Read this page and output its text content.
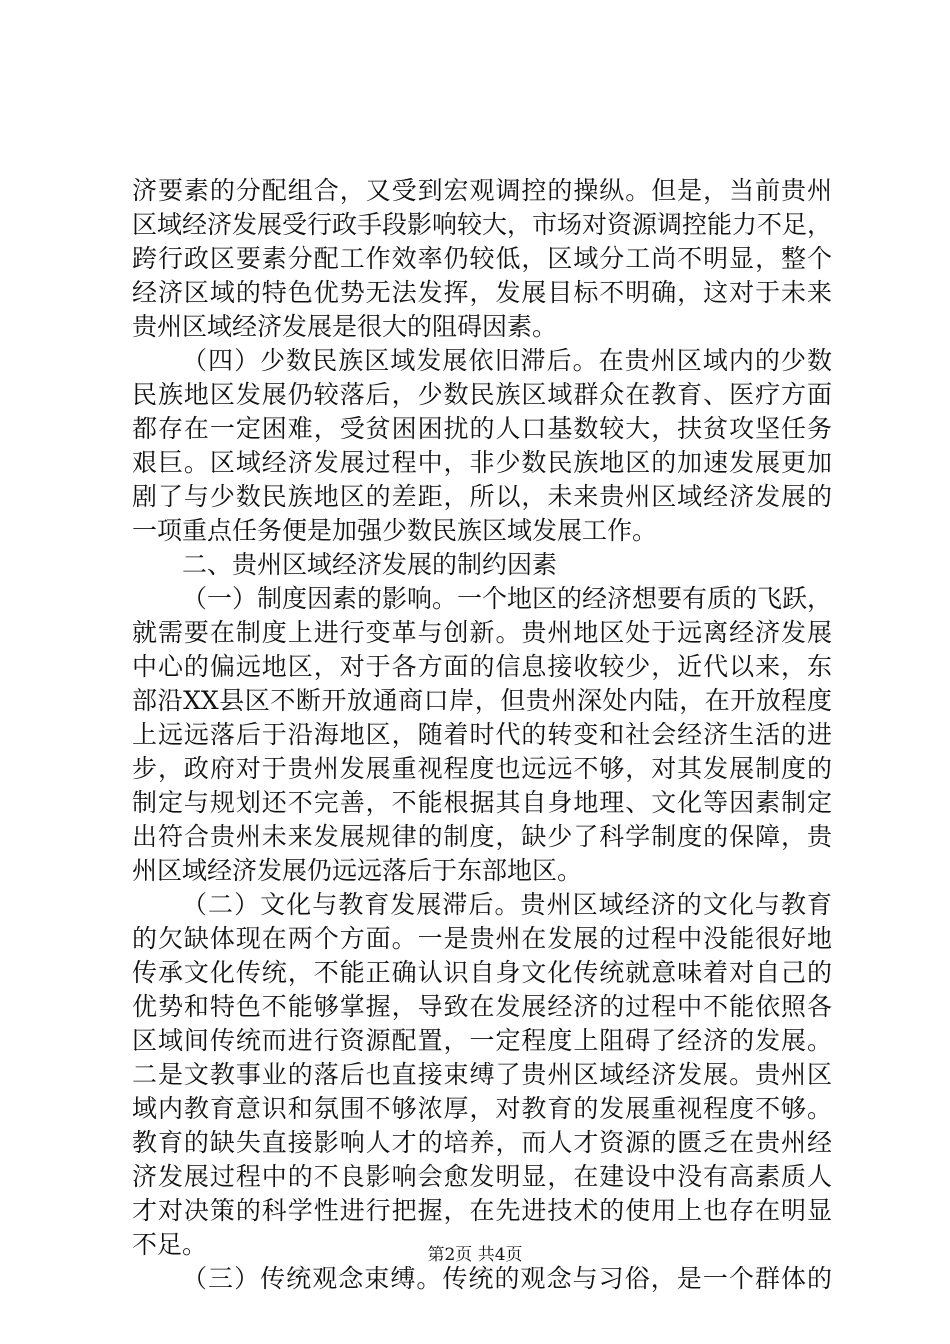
济要素的分配组合，又受到宏观调控的操纵。但是，当前贵州
区域经济发展受行政手段影响较大，市场对资源调控能力不足，
跨行政区要素分配工作效率仍较低，区域分工尚不明显，整个
经济区域的特色优势无法发挥，发展目标不明确，这对于未来
贵州区域经济发展是很大的阻碍因素。
（四）少数民族区域发展依旧滞后。在贵州区域内的少数
民族地区发展仍较落后，少数民族区域群众在教育、医疗方面
都存在一定困难，受贫困困扰的人口基数较大，扶贫攻坚任务
艰巨。区域经济发展过程中，非少数民族地区的加速发展更加
剧了与少数民族地区的差距，所以，未来贵州区域经济发展的
一项重点任务便是加强少数民族区域发展工作。
二、贵州区域经济发展的制约因素
（一）制度因素的影响。一个地区的经济想要有质的飞跃，
就需要在制度上进行变革与创新。贵州地区处于远离经济发展
中心的偏远地区，对于各方面的信息接收较少，近代以来，东
部沿XX县区不断开放通商口岸，但贵州深处内陆，在开放程度
上远远落后于沿海地区，随着时代的转变和社会经济生活的进
步，政府对于贵州发展重视程度也远远不够，对其发展制度的
制定与规划还不完善，不能根据其自身地理、文化等因素制定
出符合贵州未来发展规律的制度，缺少了科学制度的保障，贵
州区域经济发展仍远远落后于东部地区。
（二）文化与教育发展滞后。贵州区域经济的文化与教育
的欠缺体现在两个方面。一是贵州在发展的过程中没能很好地
传承文化传统，不能正确认识自身文化传统就意味着对自己的
优势和特色不能够掌握，导致在发展经济的过程中不能依照各
区域间传统而进行资源配置，一定程度上阻碍了经济的发展。
二是文教事业的落后也直接束缚了贵州区域经济发展。贵州区
域内教育意识和氛围不够浓厚，对教育的发展重视程度不够。
教育的缺失直接影响人才的培养，而人才资源的匮乏在贵州经
济发展过程中的不良影响会愈发明显，在建设中没有高素质人
才对决策的科学性进行把握，在先进技术的使用上也存在明显
不足。
（三）传统观念束缚。传统的观念与习俗，是一个群体的
第2页 共4页
